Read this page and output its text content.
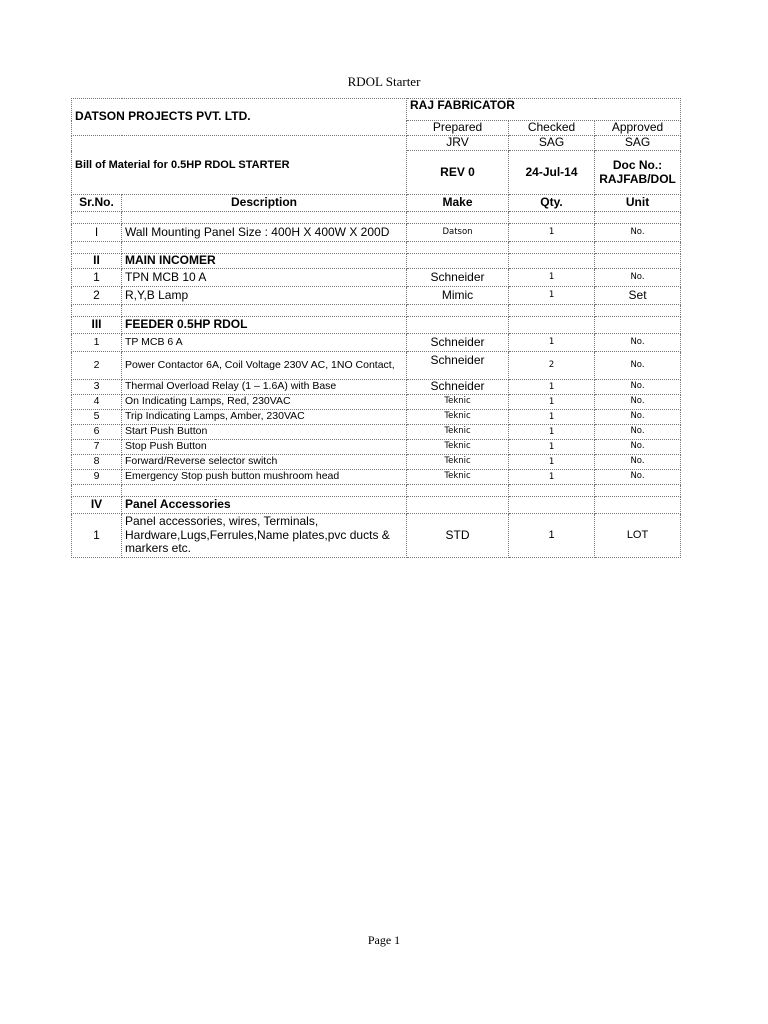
RDOL Starter
DATSON PROJECTS PVT. LTD.		RAJ FABRICATOR		
		Prepared	Checked	Approved
Bill of Material for 0.5HP RDOL STARTER		JRV	SAG	SAG
		REV 0	24-Jul-14	Doc No.:
RAJFAB/DOL

Sr.No.	Description	Make	Qty.	Unit

I	Wall Mounting Panel Size : 400H X 400W X 200D	Datson	1	No.

II	MAIN INCOMER			
1	TPN MCB 10 A	Schneider	1	No.
2	R,Y,B Lamp	Mimic	1	Set

III	FEEDER 0.5HP RDOL			
1	TP MCB 6 A	Schneider	1	No.
2	Power Contactor 6A, Coil Voltage 230V AC, 1NO Contact,	Schneider	2	No.
3	Thermal Overload Relay (1 – 1.6A) with Base	Schneider	1	No.
4	On Indicating Lamps, Red, 230VAC	Teknic	1	No.
5	Trip Indicating Lamps, Amber, 230VAC	Teknic	1	No.
6	Start Push Button	Teknic	1	No.
7	Stop Push Button	Teknic	1	No.
8	Forward/Reverse selector switch	Teknic	1	No.
9	Emergency Stop push button mushroom head	Teknic	1	No.

IV	Panel Accessories			
1	Panel accessories, wires, Terminals,
Hardware,Lugs,Ferrules,Name plates,pvc ducts &
markers etc.	STD	1	LOT
Page 1
